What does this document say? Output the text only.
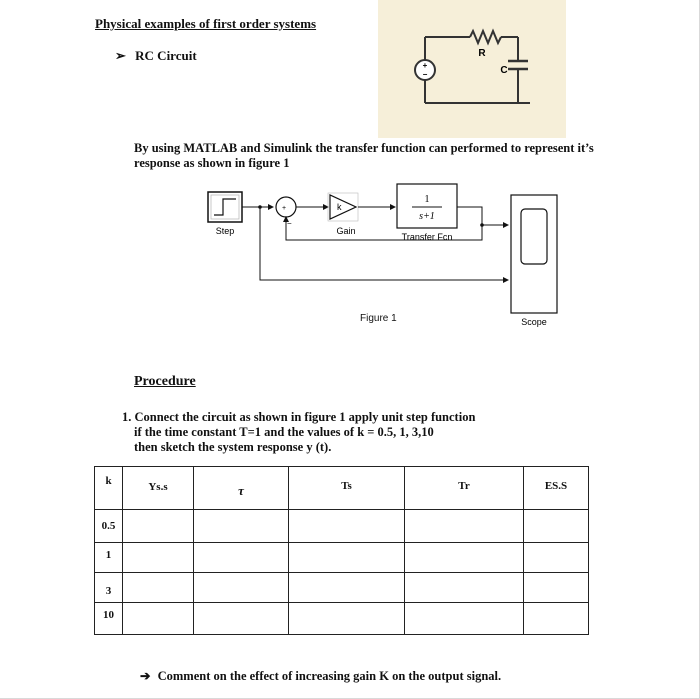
Physical examples of first order systems
➢ RC Circuit
+
−
R
C
By using MATLAB and Simulink the transfer function can performed to represent it’s response as shown in figure 1
Step
+
−
k
Gain
1
s+1
Transfer Fcn
Scope
Figure 1
Procedure
1. Connect the circuit as shown in figure 1 apply unit step function
if the time constant T=1 and the values of k = 0.5, 1, 3,10
then sketch the system response y (t).
k	Ys.s	τ	Ts	Tr	ES.S
0.5					
1					
3					
10					
➔ Comment on the effect of increasing gain K on the output signal.
